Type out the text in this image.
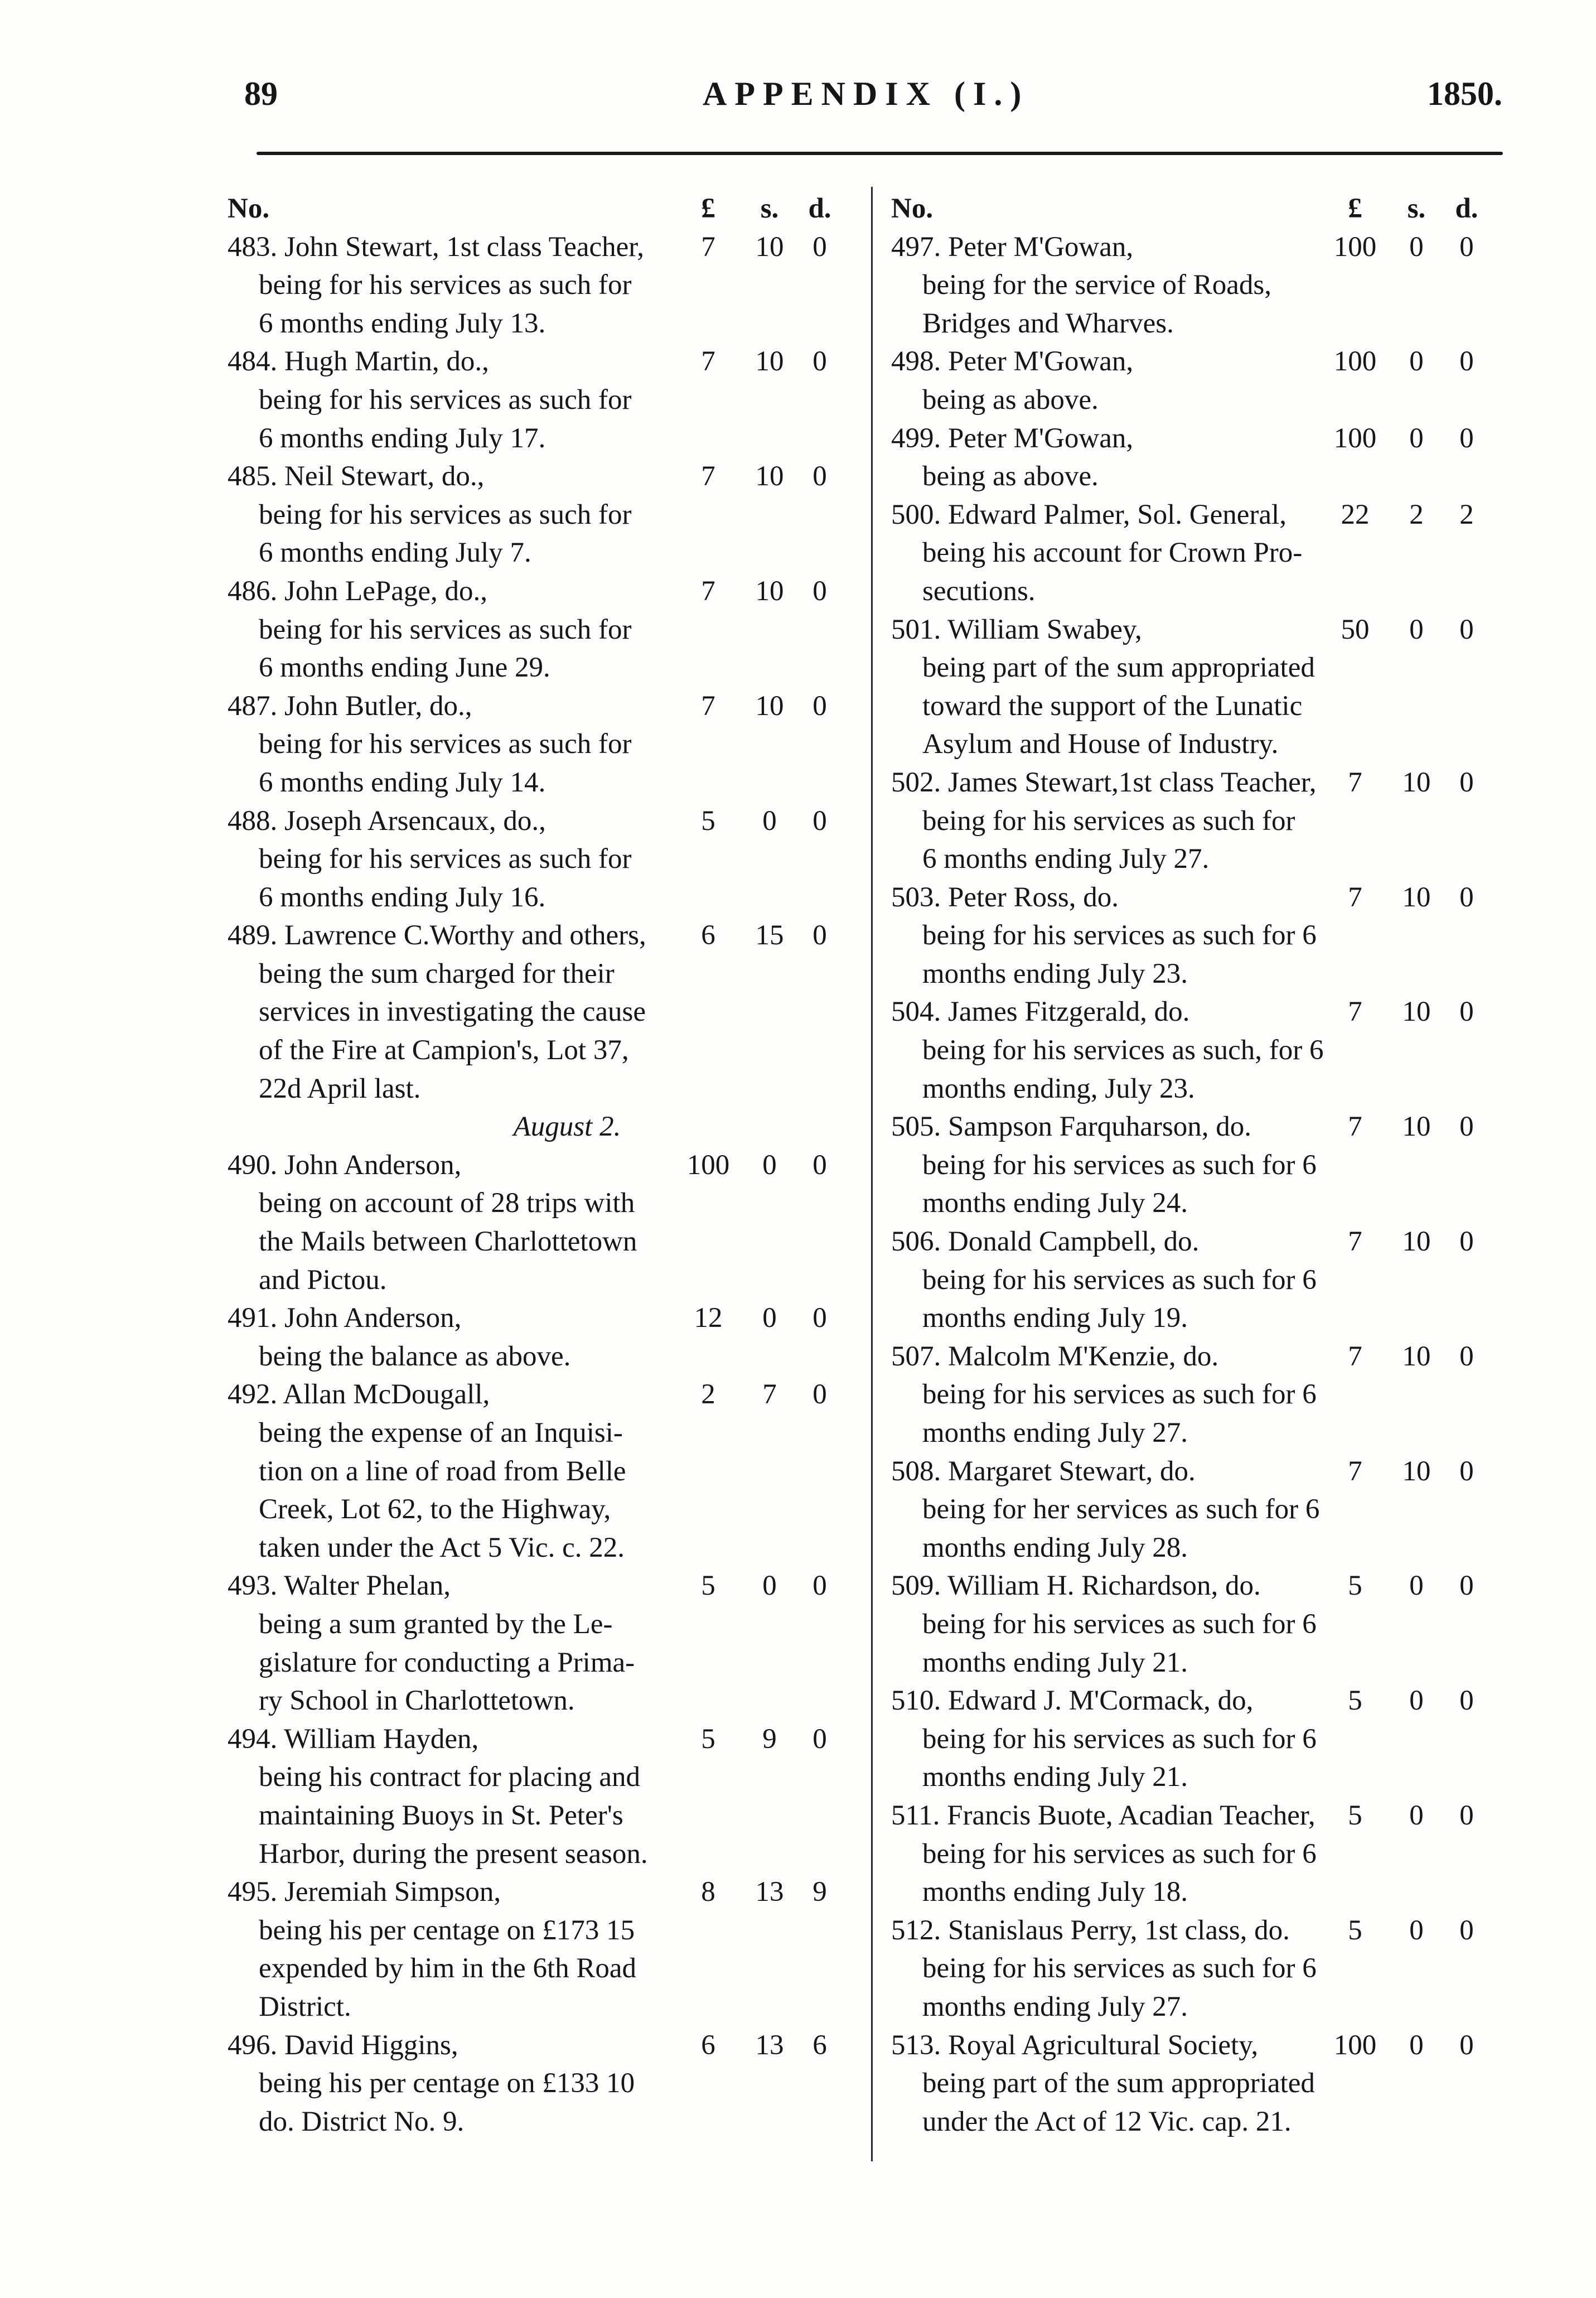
89	APPENDIX (I.)	1850.
No.	£	s.	d.
483. John Stewart, 1st class Teacher,	7	10	0
being for his services as such for
6 months ending July 13.
484. Hugh Martin, do.,	7	10	0
being for his services as such for
6 months ending July 17.
485. Neil Stewart, do.,	7	10	0
being for his services as such for
6 months ending July 7.
486. John LePage, do.,	7	10	0
being for his services as such for
6 months ending June 29.
487. John Butler, do.,	7	10	0
being for his services as such for
6 months ending July 14.
488. Joseph Arsencaux, do.,	5	0	0
being for his services as such for
6 months ending July 16.
489. Lawrence C.Worthy and others,	6	15	0
being the sum charged for their
services in investigating the cause
of the Fire at Campion's, Lot 37,
22d April last.
August 2.
490. John Anderson,	100	0	0
being on account of 28 trips with
the Mails between Charlottetown
and Pictou.
491. John Anderson,	12	0	0
being the balance as above.
492. Allan McDougall,	2	7	0
being the expense of an Inquisi-
tion on a line of road from Belle
Creek, Lot 62, to the Highway,
taken under the Act 5 Vic. c. 22.
493. Walter Phelan,	5	0	0
being a sum granted by the Le-
gislature for conducting a Prima-
ry School in Charlottetown.
494. William Hayden,	5	9	0
being his contract for placing and
maintaining Buoys in St. Peter's
Harbor, during the present season.
495. Jeremiah Simpson,	8	13	9
being his per centage on £173 15
expended by him in the 6th Road
District.
496. David Higgins,	6	13	6
being his per centage on £133 10
do. District No. 9.
No.	£	s.	d.
497. Peter M'Gowan,	100	0	0
being for the service of Roads,
Bridges and Wharves.
498. Peter M'Gowan,	100	0	0
being as above.
499. Peter M'Gowan,	100	0	0
being as above.
500. Edward Palmer, Sol. General,	22	2	2
being his account for Crown Pro-
secutions.
501. William Swabey,	50	0	0
being part of the sum appropriated
toward the support of the Lunatic
Asylum and House of Industry.
502. James Stewart,1st class Teacher,	7	10	0
being for his services as such for
6 months ending July 27.
503. Peter Ross, do.	7	10	0
being for his services as such for 6
months ending July 23.
504. James Fitzgerald, do.	7	10	0
being for his services as such, for 6
months ending, July 23.
505. Sampson Farquharson, do.	7	10	0
being for his services as such for 6
months ending July 24.
506. Donald Campbell, do.	7	10	0
being for his services as such for 6
months ending July 19.
507. Malcolm M'Kenzie, do.	7	10	0
being for his services as such for 6
months ending July 27.
508. Margaret Stewart, do.	7	10	0
being for her services as such for 6
months ending July 28.
509. William H. Richardson, do.	5	0	0
being for his services as such for 6
months ending July 21.
510. Edward J. M'Cormack, do,	5	0	0
being for his services as such for 6
months ending July 21.
511. Francis Buote, Acadian Teacher,	5	0	0
being for his services as such for 6
months ending July 18.
512. Stanislaus Perry, 1st class, do.	5	0	0
being for his services as such for 6
months ending July 27.
513. Royal Agricultural Society,	100	0	0
being part of the sum appropriated
under the Act of 12 Vic. cap. 21.
